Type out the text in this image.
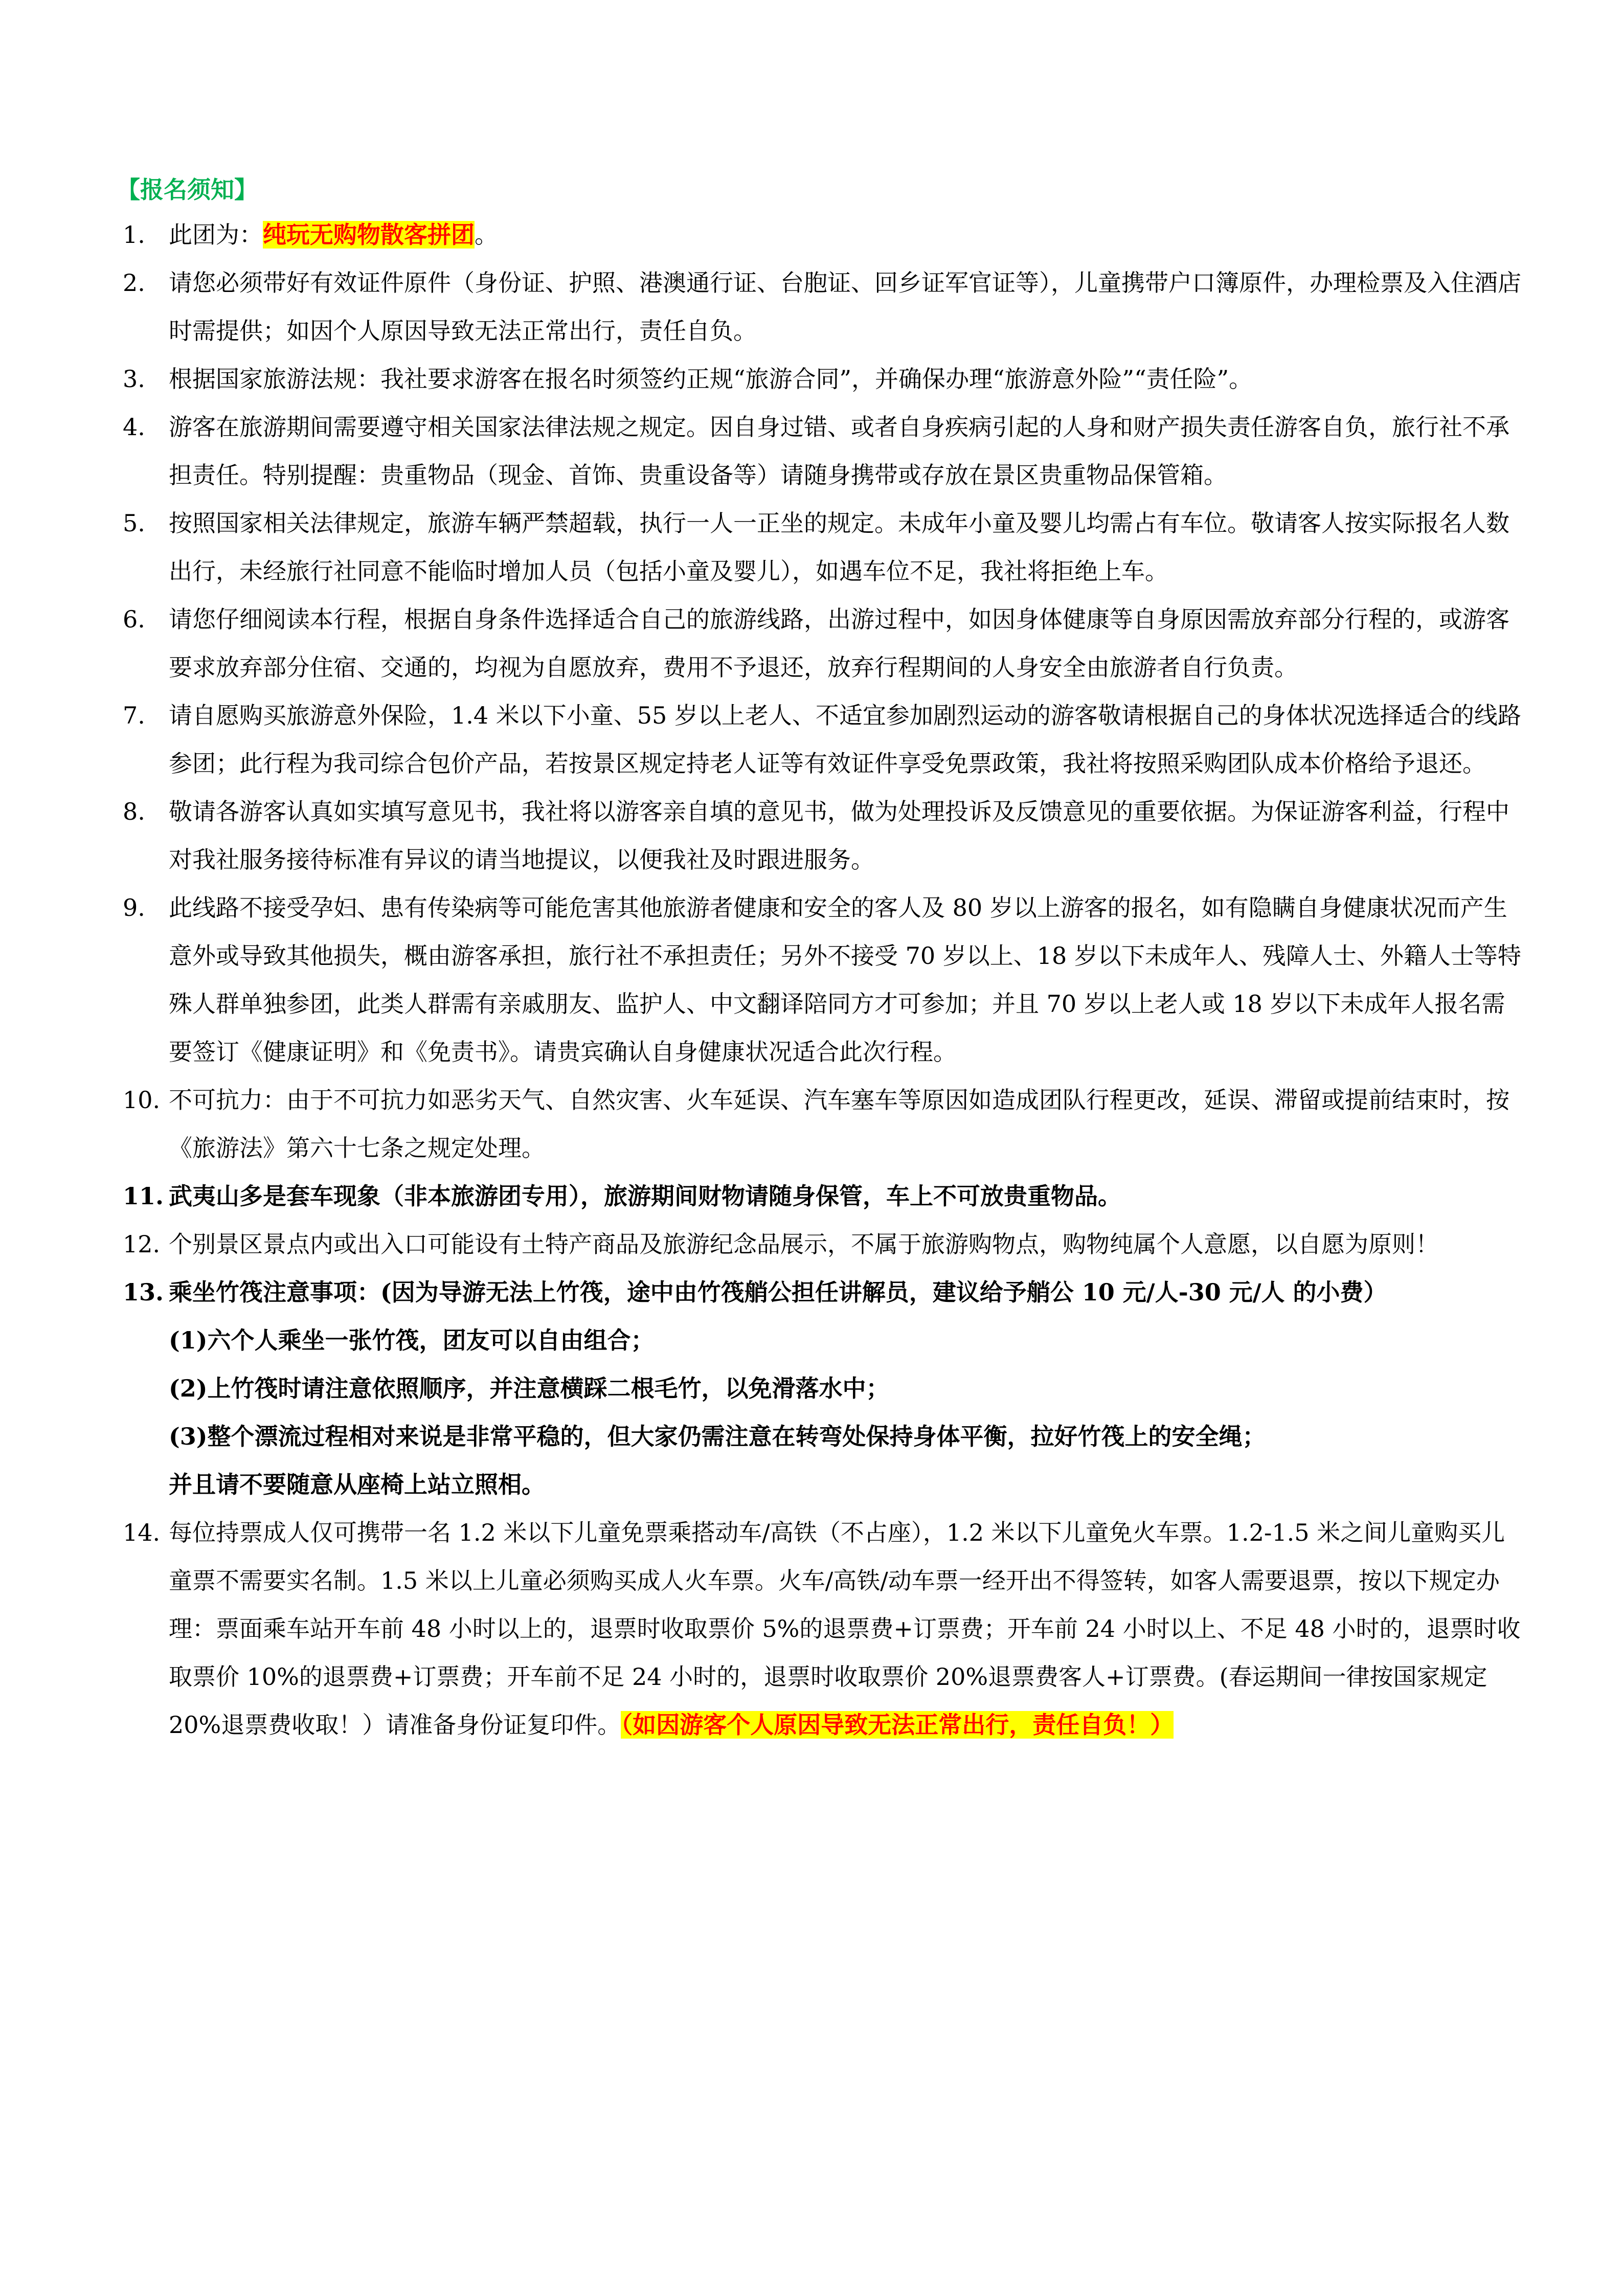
【报名须知】
1. 此团为：纯玩无购物散客拼团。
2. 请您必须带好有效证件原件（身份证、护照、港澳通行证、台胞证、回乡证军官证等），儿童携带户口簿原件，办理检票及入住酒店时需提供；如因个人原因导致无法正常出行，责任自负。
3. 根据国家旅游法规：我社要求游客在报名时须签约正规“旅游合同”，并确保办理“旅游意外险”“责任险”。
4. 游客在旅游期间需要遵守相关国家法律法规之规定。因自身过错、或者自身疾病引起的人身和财产损失责任游客自负，旅行社不承担责任。特别提醒：贵重物品（现金、首饰、贵重设备等）请随身携带或存放在景区贵重物品保管箱。
5. 按照国家相关法律规定，旅游车辆严禁超载，执行一人一正坐的规定。未成年小童及婴儿均需占有车位。敬请客人按实际报名人数出行，未经旅行社同意不能临时增加人员（包括小童及婴儿），如遇车位不足，我社将拒绝上车。
6. 请您仔细阅读本行程，根据自身条件选择适合自己的旅游线路，出游过程中，如因身体健康等自身原因需放弃部分行程的，或游客要求放弃部分住宿、交通的，均视为自愿放弃，费用不予退还，放弃行程期间的人身安全由旅游者自行负责。
7. 请自愿购买旅游意外保险，1.4 米以下小童、55 岁以上老人、不适宜参加剧烈运动的游客敬请根据自己的身体状况选择适合的线路参团；此行程为我司综合包价产品，若按景区规定持老人证等有效证件享受免票政策，我社将按照采购团队成本价格给予退还。
8. 敬请各游客认真如实填写意见书，我社将以游客亲自填的意见书，做为处理投诉及反馈意见的重要依据。为保证游客利益，行程中对我社服务接待标准有异议的请当地提议，以便我社及时跟进服务。
9. 此线路不接受孕妇、患有传染病等可能危害其他旅游者健康和安全的客人及 80 岁以上游客的报名，如有隐瞒自身健康状况而产生意外或导致其他损失，概由游客承担，旅行社不承担责任；另外不接受 70 岁以上、18 岁以下未成年人、残障人士、外籍人士等特殊人群单独参团，此类人群需有亲戚朋友、监护人、中文翻译陪同方才可参加；并且 70 岁以上老人或 18 岁以下未成年人报名需要签订《健康证明》和《免责书》。请贵宾确认自身健康状况适合此次行程。
10. 不可抗力：由于不可抗力如恶劣天气、自然灾害、火车延误、汽车塞车等原因如造成团队行程更改，延误、滞留或提前结束时，按《旅游法》第六十七条之规定处理。
11. 武夷山多是套车现象（非本旅游团专用），旅游期间财物请随身保管，车上不可放贵重物品。
12. 个别景区景点内或出入口可能设有土特产商品及旅游纪念品展示，不属于旅游购物点，购物纯属个人意愿，以自愿为原则！
13. 乘坐竹筏注意事项：(因为导游无法上竹筏，途中由竹筏艄公担任讲解员，建议给予艄公 10 元/人-30 元/人 的小费）
(1)六个人乘坐一张竹筏，团友可以自由组合；
(2)上竹筏时请注意依照顺序，并注意横踩二根毛竹，以免滑落水中；
(3)整个漂流过程相对来说是非常平稳的，但大家仍需注意在转弯处保持身体平衡，拉好竹筏上的安全绳；
并且请不要随意从座椅上站立照相。
14. 每位持票成人仅可携带一名 1.2 米以下儿童免票乘搭动车/高铁（不占座），1.2 米以下儿童免火车票。1.2-1.5 米之间儿童购买儿童票不需要实名制。1.5 米以上儿童必须购买成人火车票。火车/高铁/动车票一经开出不得签转，如客人需要退票，按以下规定办理：票面乘车站开车前 48 小时以上的，退票时收取票价 5%的退票费+订票费；开车前 24 小时以上、不足 48 小时的，退票时收取票价 10%的退票费+订票费；开车前不足 24 小时的，退票时收取票价 20%退票费客人+订票费。(春运期间一律按国家规定 20%退票费收取！）请准备身份证复印件。（如因游客个人原因导致无法正常出行，责任自负！）
